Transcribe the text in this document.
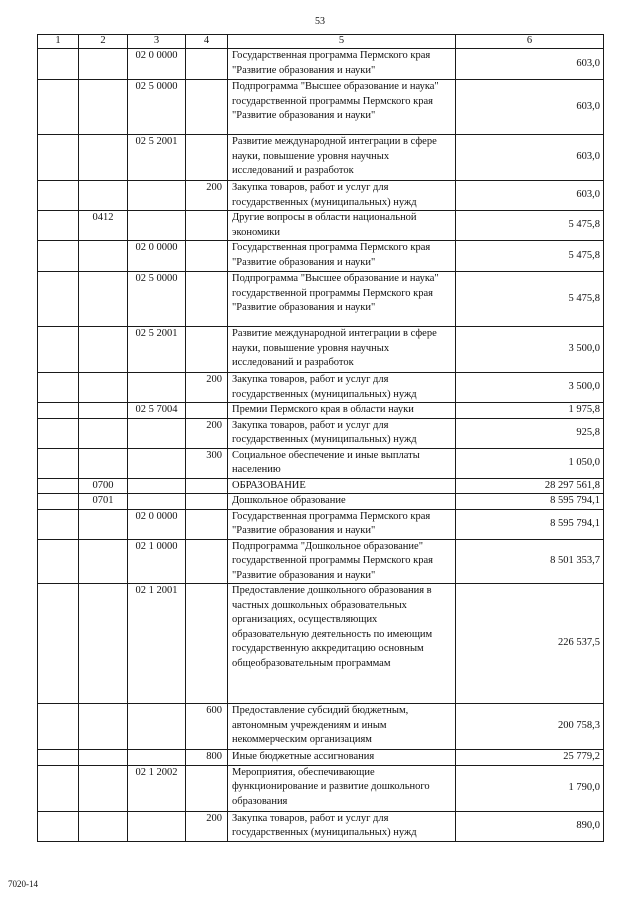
53
1	2	3	4	5	6
		02 0 0000		Государственная программа Пермского края "Развитие образования и науки"	603,0
		02 5 0000		Подпрограмма "Высшее образование и наука" государственной программы Пермского края "Развитие образования и науки"	603,0
		02 5 2001		Развитие международной интеграции в сфере науки, повышение уровня научных исследований и разработок	603,0
			200	Закупка товаров, работ и услуг для государственных (муниципальных) нужд	603,0
	0412			Другие вопросы в области национальной экономики	5 475,8
		02 0 0000		Государственная программа Пермского края "Развитие образования и науки"	5 475,8
		02 5 0000		Подпрограмма "Высшее образование и наука" государственной программы Пермского края "Развитие образования и науки"	5 475,8
		02 5 2001		Развитие международной интеграции в сфере науки, повышение уровня научных исследований и разработок	3 500,0
			200	Закупка товаров, работ и услуг для государственных (муниципальных) нужд	3 500,0
		02 5 7004		Премии Пермского края в области науки	1 975,8
			200	Закупка товаров, работ и услуг для государственных (муниципальных) нужд	925,8
			300	Социальное обеспечение и иные выплаты населению	1 050,0
	0700			ОБРАЗОВАНИЕ	28 297 561,8
	0701			Дошкольное образование	8 595 794,1
		02 0 0000		Государственная программа Пермского края "Развитие образования и науки"	8 595 794,1
		02 1 0000		Подпрограмма "Дошкольное образование" государственной программы Пермского края "Развитие образования и науки"	8 501 353,7
		02 1 2001		Предоставление дошкольного образования в частных дошкольных образовательных организациях, осуществляющих образовательную деятельность по имеющим государственную аккредитацию основным общеобразовательным программам	226 537,5
			600	Предоставление субсидий бюджетным, автономным учреждениям и иным некоммерческим организациям	200 758,3
			800	Иные бюджетные ассигнования	25 779,2
		02 1 2002		Мероприятия, обеспечивающие функционирование и развитие дошкольного образования	1 790,0
			200	Закупка товаров, работ и услуг для государственных (муниципальных) нужд	890,0
7020-14
